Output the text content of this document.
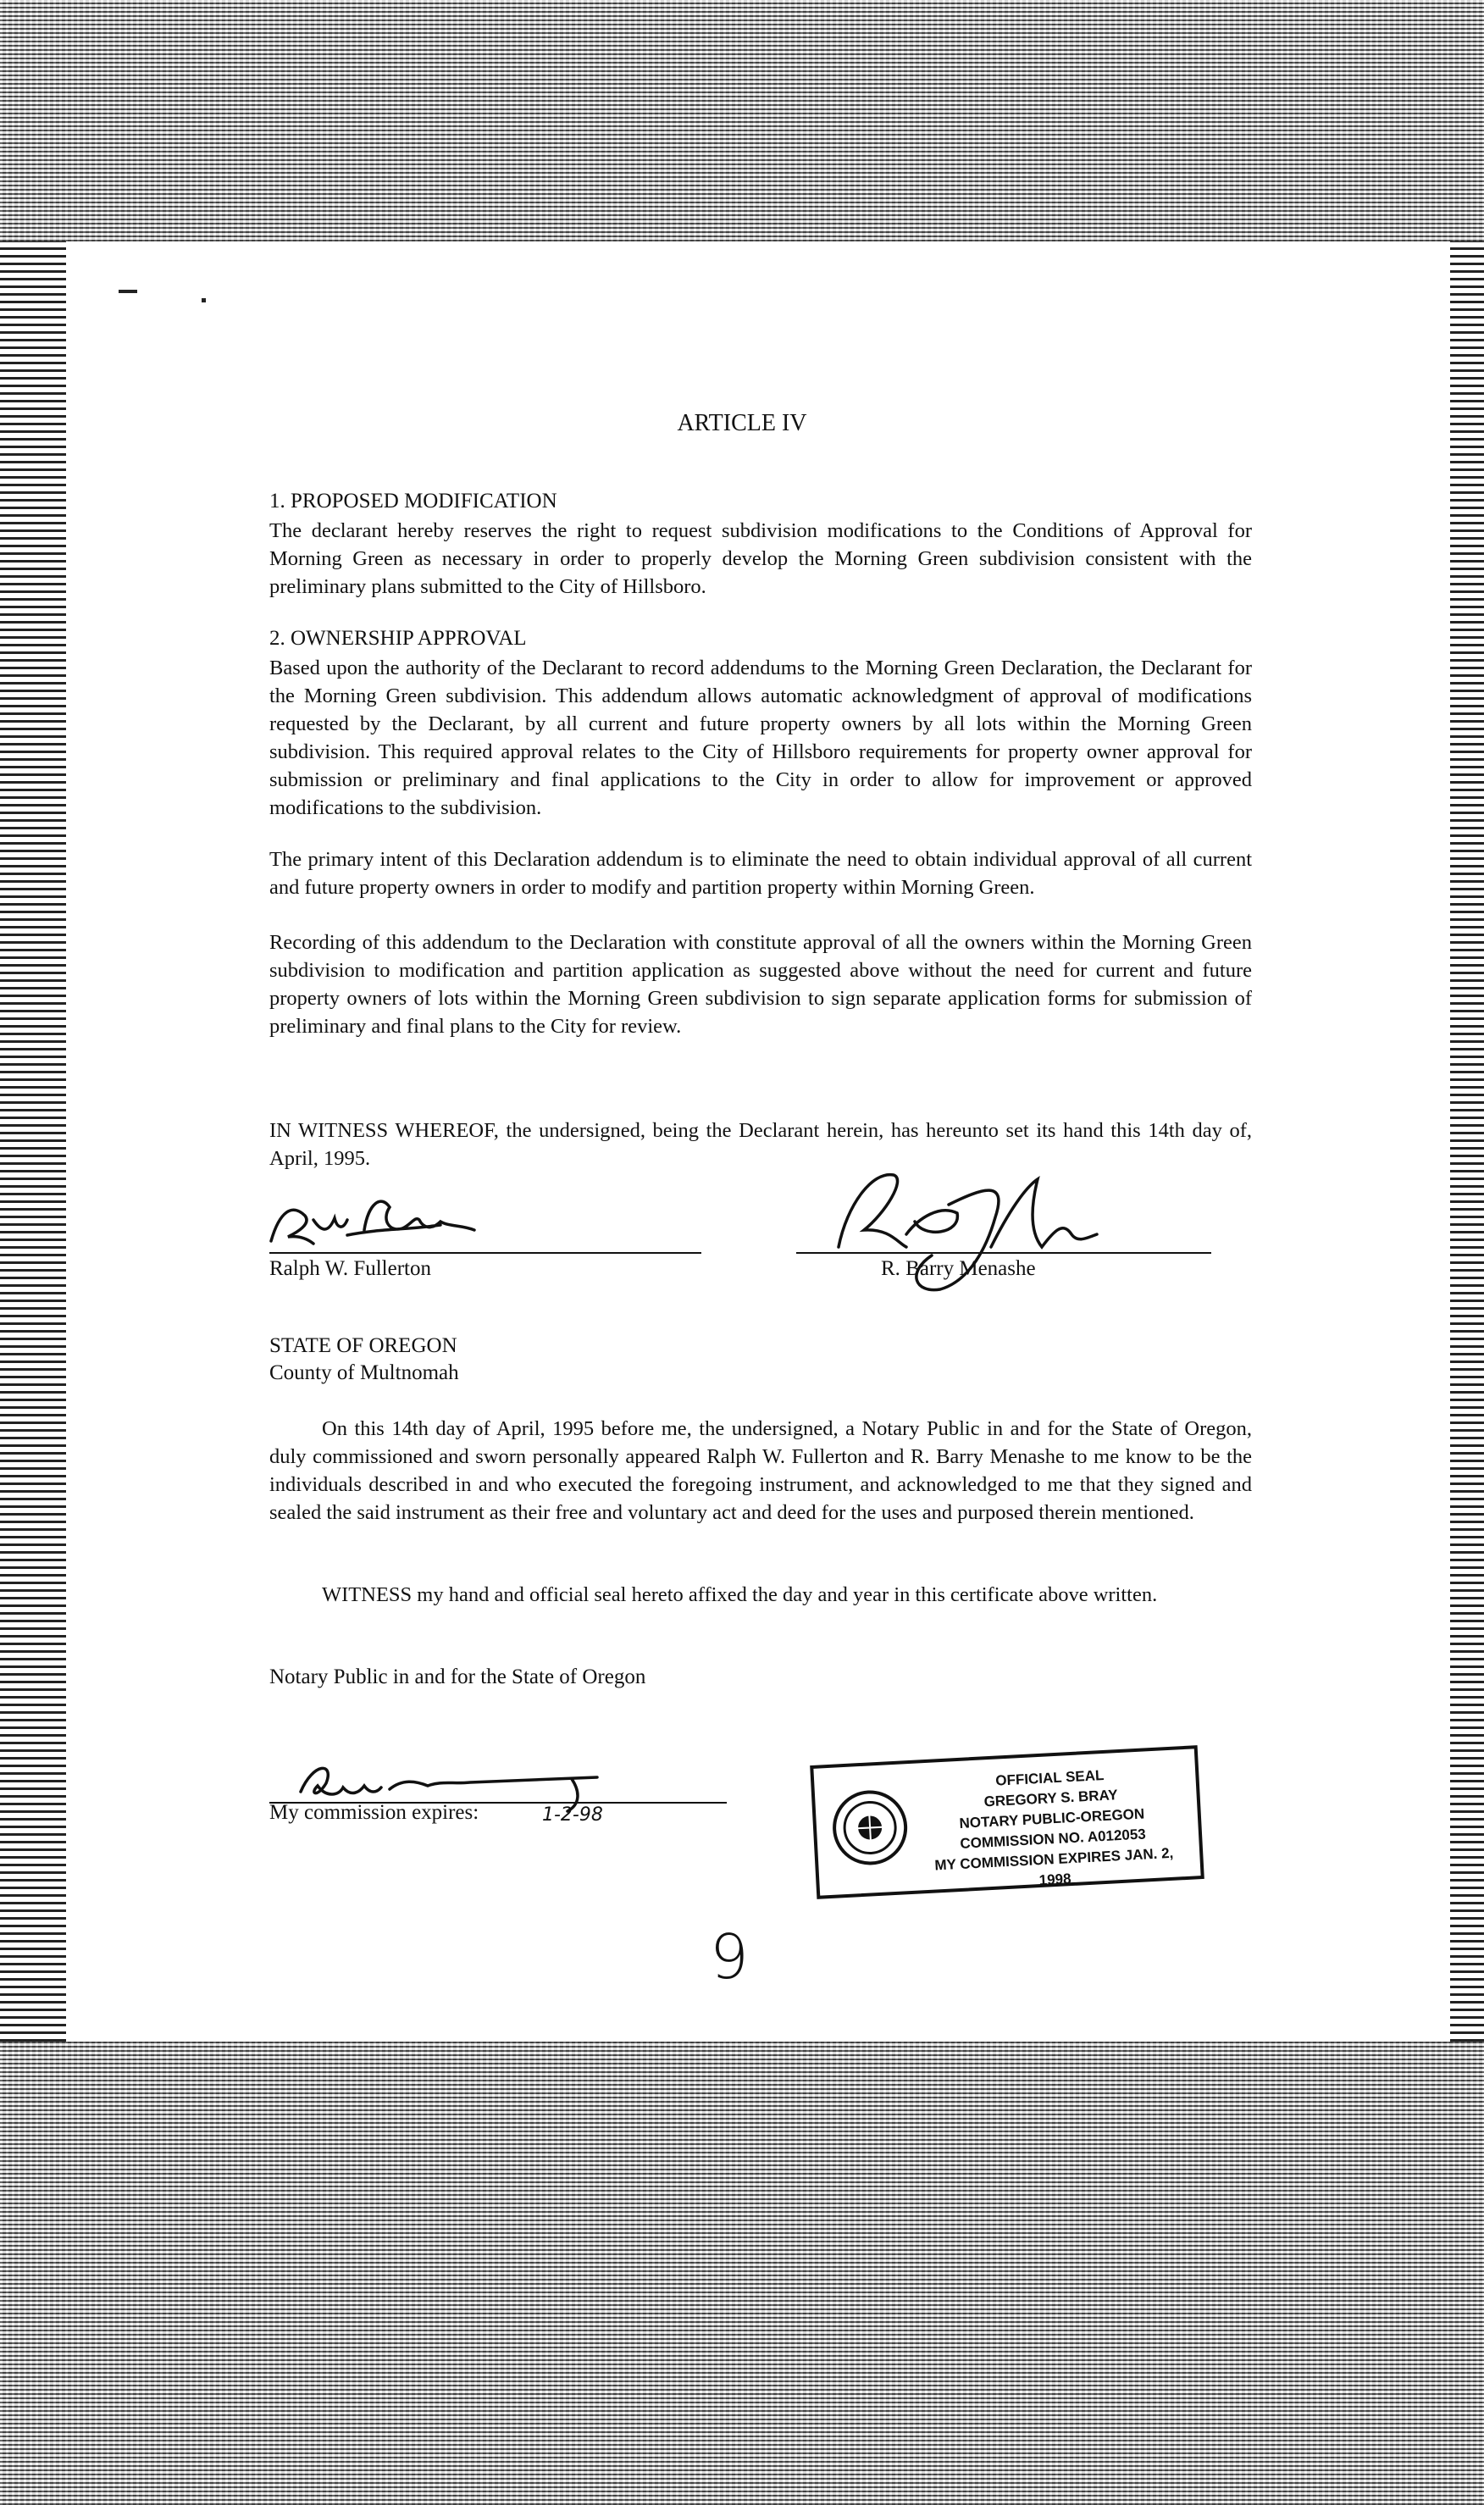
ARTICLE IV

1. PROPOSED MODIFICATION

The declarant hereby reserves the right to request subdivision modifications to the Conditions of Approval for Morning Green as necessary in order to properly develop the Morning Green subdivision consistent with the preliminary plans submitted to the City of Hillsboro.

2. OWNERSHIP APPROVAL

Based upon the authority of the Declarant to record addendums to the Morning Green Declaration, the Declarant for the Morning Green subdivision. This addendum allows automatic acknowledgment of approval of modifications requested by the Declarant, by all current and future property owners by all lots within the Morning Green subdivision. This required approval relates to the City of Hillsboro requirements for property owner approval for submission or preliminary and final applications to the City in order to allow for improvement or approved modifications to the subdivision.

The primary intent of this Declaration addendum is to eliminate the need to obtain individual approval of all current and future property owners in order to modify and partition property within Morning Green.

Recording of this addendum to the Declaration with constitute approval of all the owners within the Morning Green subdivision to modification and partition application as suggested above without the need for current and future property owners of lots within the Morning Green subdivision to sign separate application forms for submission of preliminary and final plans to the City for review.

IN WITNESS WHEREOF, the undersigned, being the Declarant herein, has hereunto set its hand this 14th day of, April, 1995.

Ralph W. Fullerton	R. Barry Menashe

STATE OF OREGON

County of Multnomah

On this 14th day of April, 1995 before me, the undersigned, a Notary Public in and for the State of Oregon, duly commissioned and sworn personally appeared Ralph W. Fullerton and R. Barry Menashe to me know to be the individuals described in and who executed the foregoing instrument, and acknowledged to me that they signed and sealed the said instrument as their free and voluntary act and deed for the uses and purposed therein mentioned.

WITNESS my hand and official seal hereto affixed the day and year in this certificate above written.

Notary Public in and for the State of Oregon

My commission expires:	1-2-98

OFFICIAL SEAL
GREGORY S. BRAY
NOTARY PUBLIC-OREGON
COMMISSION NO. A012053
MY COMMISSION EXPIRES JAN. 2, 1998
9
